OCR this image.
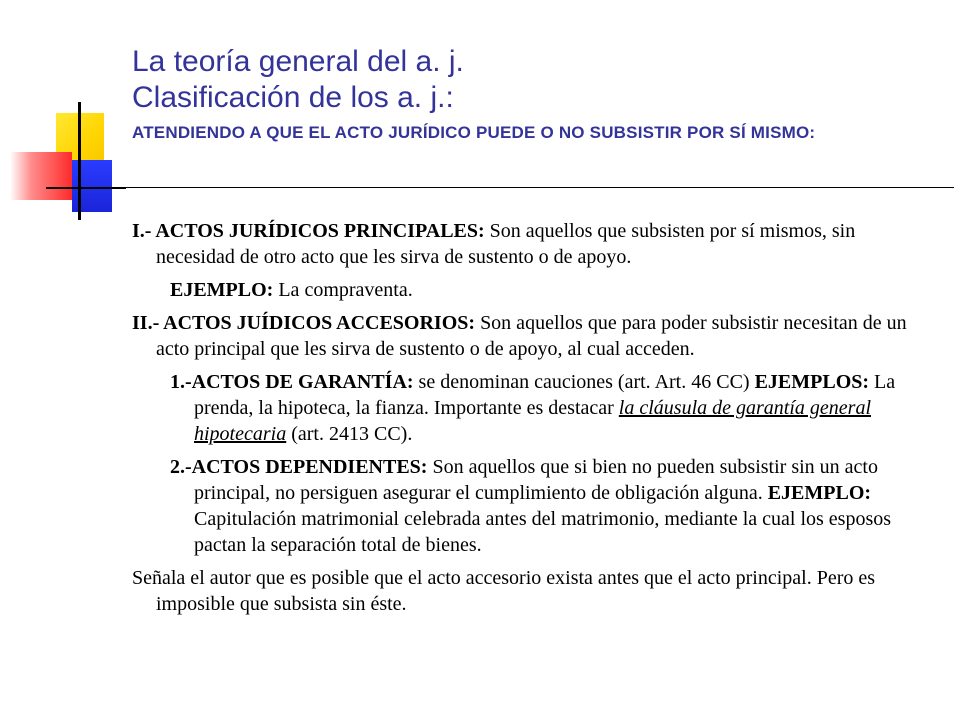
La teoría general del a. j.
Clasificación de los a. j.:
ATENDIENDO A QUE EL ACTO JURÍDICO PUEDE O NO SUBSISTIR POR SÍ MISMO:

I.- ACTOS JURÍDICOS PRINCIPALES: Son aquellos que subsisten por sí mismos, sin necesidad de otro acto que les sirva de sustento o de apoyo.

EJEMPLO: La compraventa.

II.- ACTOS JUÍDICOS ACCESORIOS: Son aquellos que para poder subsistir necesitan de un acto principal que les sirva de sustento o de apoyo, al cual acceden.

1.-ACTOS DE GARANTÍA: se denominan cauciones (art. Art. 46 CC) EJEMPLOS: La prenda, la hipoteca, la fianza. Importante es destacar la cláusula de garantía general hipotecaria (art. 2413 CC).

2.-ACTOS DEPENDIENTES: Son aquellos que si bien no pueden subsistir sin un acto principal, no persiguen asegurar el cumplimiento de obligación alguna. EJEMPLO: Capitulación matrimonial celebrada antes del matrimonio, mediante la cual los esposos pactan la separación total de bienes.

Señala el autor que es posible que el acto accesorio exista antes que el acto principal. Pero es imposible que subsista sin éste.
